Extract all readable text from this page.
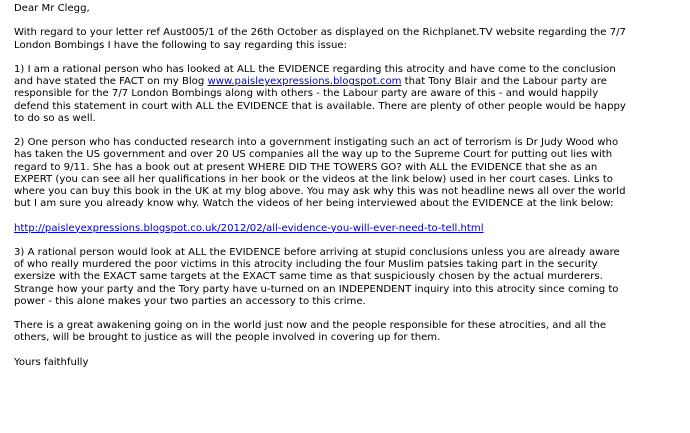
Dear Mr Clegg,

With regard to your letter ref Aust005/1 of the 26th October as displayed on the Richplanet.TV website regarding the 7/7
London Bombings I have the following to say regarding this issue:

1) I am a rational person who has looked at ALL the EVIDENCE regarding this atrocity and have come to the conclusion
and have stated the FACT on my Blog www.paisleyexpressions.blogspot.com that Tony Blair and the Labour party are
responsible for the 7/7 London Bombings along with others - the Labour party are aware of this - and would happily
defend this statement in court with ALL the EVIDENCE that is available. There are plenty of other people would be happy
to do so as well.

2) One person who has conducted research into a government instigating such an act of terrorism is Dr Judy Wood who
has taken the US government and over 20 US companies all the way up to the Supreme Court for putting out lies with
regard to 9/11. She has a book out at present WHERE DID THE TOWERS GO? with ALL the EVIDENCE that she as an
EXPERT (you can see all her qualifications in her book or the videos at the link below) used in her court cases. Links to
where you can buy this book in the UK at my blog above. You may ask why this was not headline news all over the world
but I am sure you already know why. Watch the videos of her being interviewed about the EVIDENCE at the link below:

http://paisleyexpressions.blogspot.co.uk/2012/02/all-evidence-you-will-ever-need-to-tell.html

3) A rational person would look at ALL the EVIDENCE before arriving at stupid conclusions unless you are already aware
of who really murdered the poor victims in this atrocity including the four Muslim patsies taking part in the security
exersize with the EXACT same targets at the EXACT same time as that suspiciously chosen by the actual murderers.
Strange how your party and the Tory party have u-turned on an INDEPENDENT inquiry into this atrocity since coming to
power - this alone makes your two parties an accessory to this crime.

There is a great awakening going on in the world just now and the people responsible for these atrocities, and all the
others, will be brought to justice as will the people involved in covering up for them.

Yours faithfully
